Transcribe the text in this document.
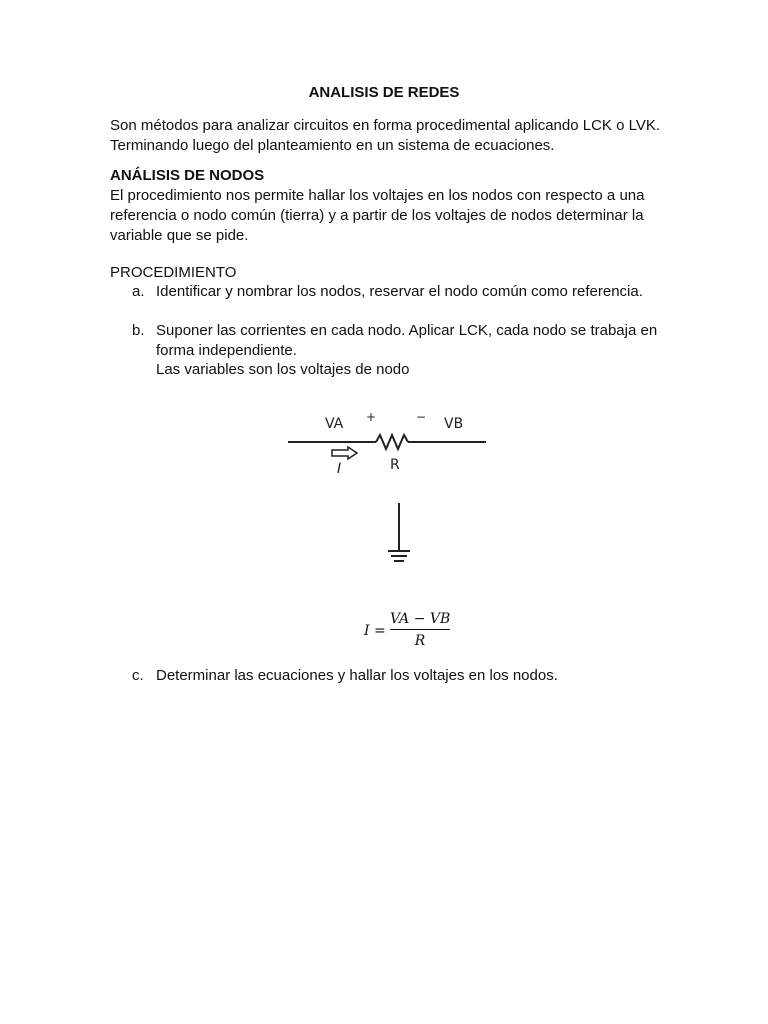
ANALISIS DE REDES

Son métodos para analizar circuitos en forma procedimental aplicando LCK o LVK. Terminando luego del planteamiento en un sistema de ecuaciones.

ANÁLISIS DE NODOS

El procedimiento nos permite hallar los voltajes en los nodos con respecto a una referencia o nodo común (tierra) y a partir de los voltajes de nodos determinar la variable que se pide.

PROCEDIMIENTO
a. Identificar y nombrar los nodos, reservar el nodo común como referencia.
b. Suponer las corrientes en cada nodo. Aplicar LCK, cada nodo se trabaja en forma independiente.
Las variables son los voltajes de nodo
VA	VB
+	−
R
I
I =
VA − VB
R
c. Determinar las ecuaciones y hallar los voltajes en los nodos.
